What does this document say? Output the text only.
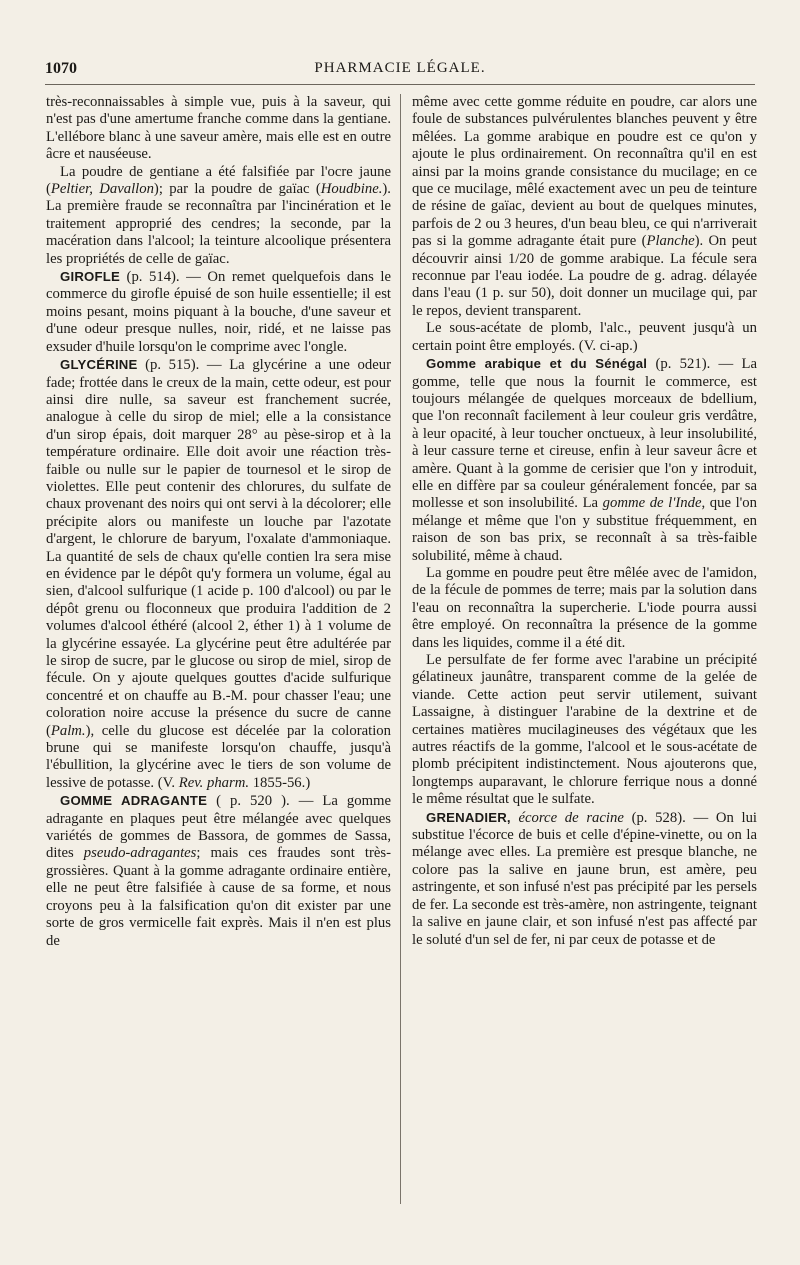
1070	PHARMACIE LÉGALE.

très-reconnaissables à simple vue, puis à la saveur, qui n'est pas d'une amertume franche comme dans la gentiane. L'ellébore blanc à une saveur amère, mais elle est en outre âcre et nauséeuse.

La poudre de gentiane a été falsifiée par l'ocre jaune (Peltier, Davallon); par la poudre de gaïac (Houdbine.). La première fraude se reconnaîtra par l'incinération et le traitement approprié des cendres; la seconde, par la macération dans l'alcool; la teinture alcoolique présentera les propriétés de celle de gaïac.

GIROFLE (p. 514). — On remet quelquefois dans le commerce du girofle épuisé de son huile essentielle; il est moins pesant, moins piquant à la bouche, d'une saveur et d'une odeur presque nulles, noir, ridé, et ne laisse pas exsuder d'huile lorsqu'on le comprime avec l'ongle.

GLYCÉRINE (p. 515). — La glycérine a une odeur fade; frottée dans le creux de la main, cette odeur, est pour ainsi dire nulle, sa saveur est franchement sucrée, analogue à celle du sirop de miel; elle a la consistance d'un sirop épais, doit marquer 28° au pèse-sirop et à la température ordinaire. Elle doit avoir une réaction très-faible ou nulle sur le papier de tournesol et le sirop de violettes. Elle peut contenir des chlorures, du sulfate de chaux provenant des noirs qui ont servi à la décolorer; elle précipite alors ou manifeste un louche par l'azotate d'argent, le chlorure de baryum, l'oxalate d'ammoniaque. La quantité de sels de chaux qu'elle contien lra sera mise en évidence par le dépôt qu'y formera un volume, égal au sien, d'alcool sulfurique (1 acide p. 100 d'alcool) ou par le dépôt grenu ou floconneux que produira l'addition de 2 volumes d'alcool éthéré (alcool 2, éther 1) à 1 volume de la glycérine essayée. La glycérine peut être adultérée par le sirop de sucre, par le glucose ou sirop de miel, sirop de fécule. On y ajoute quelques gouttes d'acide sulfurique concentré et on chauffe au B.-M. pour chasser l'eau; une coloration noire accuse la présence du sucre de canne (Palm.), celle du glucose est décelée par la coloration brune qui se manifeste lorsqu'on chauffe, jusqu'à l'ébullition, la glycérine avec le tiers de son volume de lessive de potasse. (V. Rev. pharm. 1855-56.)

GOMME ADRAGANTE ( p. 520 ). — La gomme adragante en plaques peut être mélangée avec quelques variétés de gommes de Bassora, de gommes de Sassa, dites pseudo-adragantes; mais ces fraudes sont très-grossières. Quant à la gomme adragante ordinaire entière, elle ne peut être falsifiée à cause de sa forme, et nous croyons peu à la falsification qu'on dit exister par une sorte de gros vermicelle fait exprès. Mais il n'en est plus de

même avec cette gomme réduite en poudre, car alors une foule de substances pulvérulentes blanches peuvent y être mêlées. La gomme arabique en poudre est ce qu'on y ajoute le plus ordinairement. On reconnaîtra qu'il en est ainsi par la moins grande consistance du mucilage; en ce que ce mucilage, mêlé exactement avec un peu de teinture de résine de gaïac, devient au bout de quelques minutes, parfois de 2 ou 3 heures, d'un beau bleu, ce qui n'arriverait pas si la gomme adragante était pure (Planche). On peut découvrir ainsi 1/20 de gomme arabique. La fécule sera reconnue par l'eau iodée. La poudre de g. adrag. délayée dans l'eau (1 p. sur 50), doit donner un mucilage qui, par le repos, devient transparent.

Le sous-acétate de plomb, l'alc., peuvent jusqu'à un certain point être employés. (V. ci-ap.)

Gomme arabique et du Sénégal (p. 521). — La gomme, telle que nous la fournit le commerce, est toujours mélangée de quelques morceaux de bdellium, que l'on reconnaît facilement à leur couleur gris verdâtre, à leur opacité, à leur toucher onctueux, à leur insolubilité, à leur cassure terne et cireuse, enfin à leur saveur âcre et amère. Quant à la gomme de cerisier que l'on y introduit, elle en diffère par sa couleur généralement foncée, par sa mollesse et son insolubilité. La gomme de l'Inde, que l'on mélange et même que l'on y substitue fréquemment, en raison de son bas prix, se reconnaît à sa très-faible solubilité, même à chaud.

La gomme en poudre peut être mêlée avec de l'amidon, de la fécule de pommes de terre; mais par la solution dans l'eau on reconnaîtra la supercherie. L'iode pourra aussi être employé. On reconnaîtra la présence de la gomme dans les liquides, comme il a été dit.

Le persulfate de fer forme avec l'arabine un précipité gélatineux jaunâtre, transparent comme de la gelée de viande. Cette action peut servir utilement, suivant Lassaigne, à distinguer l'arabine de la dextrine et de certaines matières mucilagineuses des végétaux que les autres réactifs de la gomme, l'alcool et le sous-acétate de plomb précipitent indistinctement. Nous ajouterons que, longtemps auparavant, le chlorure ferrique nous a donné le même résultat que le sulfate.

GRENADIER, écorce de racine (p. 528). — On lui substitue l'écorce de buis et celle d'épine-vinette, ou on la mélange avec elles. La première est presque blanche, ne colore pas la salive en jaune brun, est amère, peu astringente, et son infusé n'est pas précipité par les persels de fer. La seconde est très-amère, non astringente, teignant la salive en jaune clair, et son infusé n'est pas affecté par le soluté d'un sel de fer, ni par ceux de potasse et de
